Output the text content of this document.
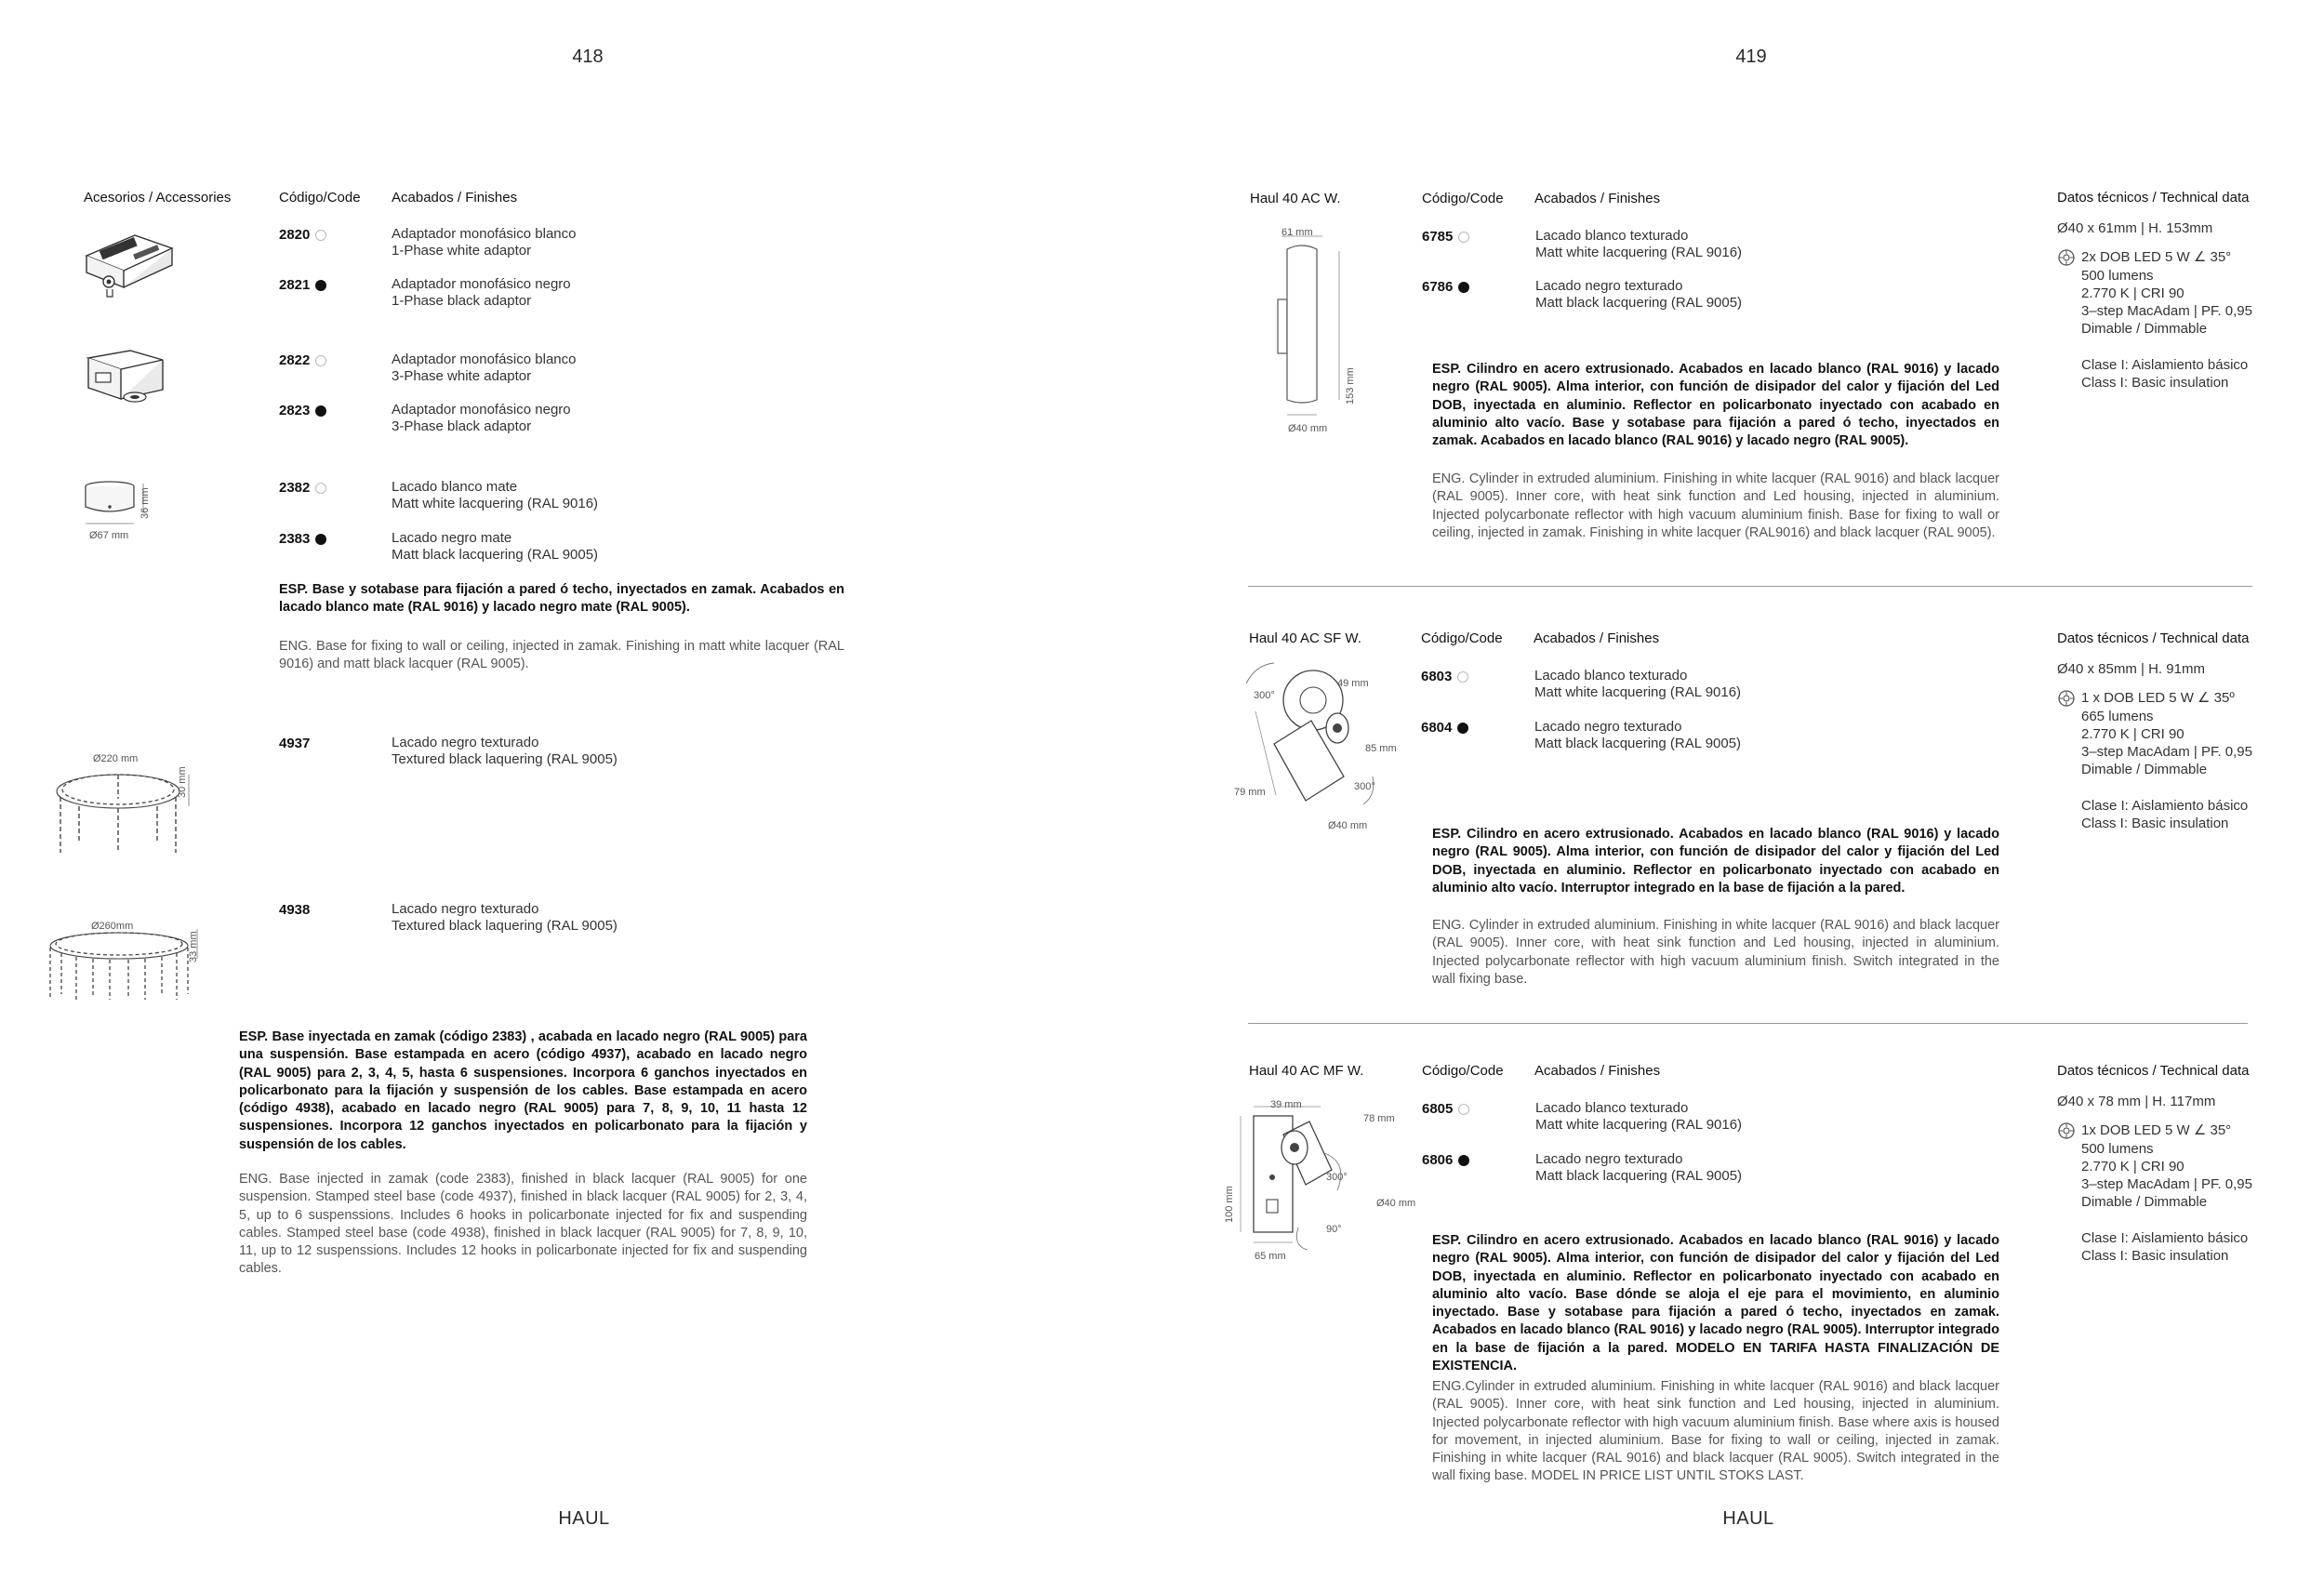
418	419
Acesorios / Accessories	Código/Code Acabados / Finishes
36 mm
Ø67 mm
Ø220 mm
30 mm
Ø260mm
33 mm
2820	Adaptador monofásico blanco
1-Phase white adaptor
2821	Adaptador monofásico negro
1-Phase black adaptor
2822	Adaptador monofásico blanco
3-Phase white adaptor
2823	Adaptador monofásico negro
3-Phase black adaptor
2382	Lacado blanco mate
Matt white lacquering (RAL 9016)
2383	Lacado negro mate
Matt black lacquering (RAL 9005)
ESP. Base y sotabase para fijación a pared ó techo, inyectados en zamak. Acabados en lacado blanco mate (RAL 9016) y lacado negro mate (RAL 9005).
ENG. Base for fixing to wall or ceiling, injected in zamak. Finishing in matt white lacquer (RAL 9016) and matt black lacquer (RAL 9005).
4937	Lacado negro texturado
Textured black laquering (RAL 9005)
4938	Lacado negro texturado
Textured black laquering (RAL 9005)
ESP. Base inyectada en zamak (código 2383) , acabada en lacado negro (RAL 9005) para una suspensión. Base estampada en acero (código 4937), acabado en lacado negro (RAL 9005) para 2, 3, 4, 5, hasta 6 suspensiones. Incorpora 6 ganchos inyectados en policarbonato para la fijación y suspensión de los cables. Base estampada en acero (código 4938), acabado en lacado negro (RAL 9005) para 7, 8, 9, 10, 11 hasta 12 suspensiones. Incorpora 12 ganchos inyectados en policarbonato para la fijación y suspensión de los cables.
ENG. Base injected in zamak (code 2383), finished in black lacquer (RAL 9005) for one suspension. Stamped steel base (code 4937), finished in black lacquer (RAL 9005) for 2, 3, 4, 5, up to 6 suspenssions. Includes 6 hooks in policarbonate injected for fix and suspending cables. Stamped steel base (code 4938), finished in black lacquer (RAL 9005) for 7, 8, 9, 10, 11, up to 12 suspenssions. Includes 12 hooks in policarbonate injected for fix and suspending cables.
HAUL
Haul 40 AC W.	Código/Code Acabados / Finishes	Datos técnicos / Technical data
61 mm
153 mm
Ø40 mm
6785	Lacado blanco texturado
Matt white lacquering (RAL 9016)
6786	Lacado negro texturado
Matt black lacquering (RAL 9005)
Ø40 x 61mm | H. 153mm
2x DOB LED 5 W ∠ 35°
500 lumens
2.770 K | CRI 90
3–step MacAdam | PF. 0,95
Dimable / Dimmable
Clase I: Aislamiento básico
Class I: Basic insulation
ESP. Cilindro en acero extrusionado. Acabados en lacado blanco (RAL 9016) y lacado negro (RAL 9005). Alma interior, con función de disipador del calor y fijación del Led DOB, inyectada en aluminio. Reflector en policarbonato inyectado con acabado en aluminio alto vacío. Base y sotabase para fijación a pared ó techo, inyectados en zamak. Acabados en lacado blanco (RAL 9016) y lacado negro (RAL 9005).
ENG. Cylinder in extruded aluminium. Finishing in white lacquer (RAL 9016) and black lacquer (RAL 9005). Inner core, with heat sink function and Led housing, injected in aluminium. Injected polycarbonate reflector with high vacuum aluminium finish. Base for fixing to wall or ceiling, injected in zamak. Finishing in white lacquer (RAL9016) and black lacquer (RAL 9005).
Haul 40 AC SF W.	Código/Code Acabados / Finishes	Datos técnicos / Technical data
300°
49 mm
85 mm
300°
79 mm
Ø40 mm
6803	Lacado blanco texturado
Matt white lacquering (RAL 9016)
6804	Lacado negro texturado
Matt black lacquering (RAL 9005)
Ø40 x 85mm | H. 91mm
1 x DOB LED 5 W ∠ 35º
665 lumens
2.770 K | CRI 90
3–step MacAdam | PF. 0,95
Dimable / Dimmable
Clase I: Aislamiento básico
Class I: Basic insulation
ESP. Cilindro en acero extrusionado. Acabados en lacado blanco (RAL 9016) y lacado negro (RAL 9005). Alma interior, con función de disipador del calor y fijación del Led DOB, inyectada en aluminio. Reflector en policarbonato inyectado con acabado en aluminio alto vacío. Interruptor integrado en la base de fijación a la pared.
ENG. Cylinder in extruded aluminium. Finishing in white lacquer (RAL 9016) and black lacquer (RAL 9005). Inner core, with heat sink function and Led housing, injected in aluminium. Injected polycarbonate reflector with high vacuum aluminium finish. Switch integrated in the wall fixing base.
Haul 40 AC MF W.	Código/Code Acabados / Finishes	Datos técnicos / Technical data
39 mm
78 mm
300°
100 mm	Ø40 mm
90°
65 mm
6805	Lacado blanco texturado
Matt white lacquering (RAL 9016)
6806	Lacado negro texturado
Matt black lacquering (RAL 9005)
Ø40 x 78 mm | H. 117mm
1x DOB LED 5 W ∠ 35°
500 lumens
2.770 K | CRI 90
3–step MacAdam | PF. 0,95
Dimable / Dimmable
Clase I: Aislamiento básico
Class I: Basic insulation
ESP. Cilindro en acero extrusionado. Acabados en lacado blanco (RAL 9016) y lacado negro (RAL 9005). Alma interior, con función de disipador del calor y fijación del Led DOB, inyectada en aluminio. Reflector en policarbonato inyectado con acabado en aluminio alto vacío. Base dónde se aloja el eje para el movimiento, en aluminio inyectado. Base y sotabase para fijación a pared ó techo, inyectados en zamak. Acabados en lacado blanco (RAL 9016) y lacado negro (RAL 9005). Interruptor integrado en la base de fijación a la pared. MODELO EN TARIFA HASTA FINALIZACIÓN DE EXISTENCIA.
ENG.Cylinder in extruded aluminium. Finishing in white lacquer (RAL 9016) and black lacquer (RAL 9005). Inner core, with heat sink function and Led housing, injected in aluminium. Injected polycarbonate reflector with high vacuum aluminium finish. Base where axis is housed for movement, in injected aluminium. Base for fixing to wall or ceiling, injected in zamak. Finishing in white lacquer (RAL 9016) and black lacquer (RAL 9005). Switch integrated in the wall fixing base. MODEL IN PRICE LIST UNTIL STOKS LAST.
HAUL
